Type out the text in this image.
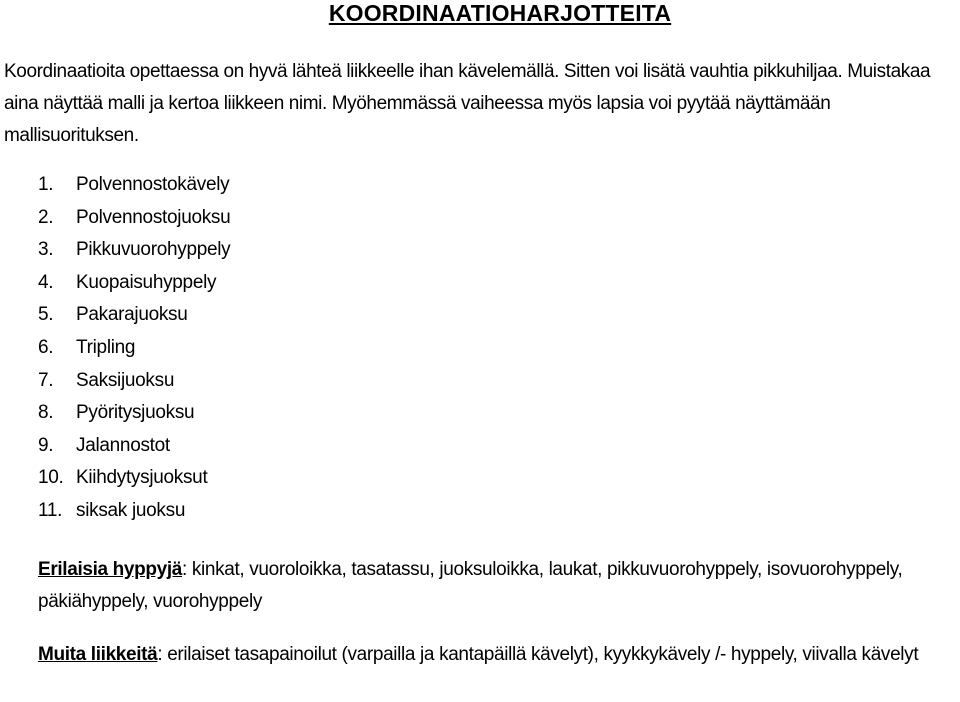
KOORDINAATIOHARJOTTEITA

Koordinaatioita opettaessa on hyvä lähteä liikkeelle ihan kävelemällä. Sitten voi lisätä vauhtia pikkuhiljaa. Muistakaa aina näyttää malli ja kertoa liikkeen nimi. Myöhemmässä vaiheessa myös lapsia voi pyytää näyttämään mallisuorituksen.

1. Polvennostokävely
2. Polvennostojuoksu
3. Pikkuvuorohyppely
4. Kuopaisuhyppely
5. Pakarajuoksu
6. Tripling
7. Saksijuoksu
8. Pyöritysjuoksu
9. Jalannostot
10. Kiihdytysjuoksut
11. siksak juoksu

Erilaisia hyppyjä: kinkat, vuoroloikka, tasatassu, juoksuloikka, laukat, pikkuvuorohyppely, isovuorohyppely, päkiähyppely, vuorohyppely

Muita liikkeitä: erilaiset tasapainoilut (varpailla ja kantapäillä kävelyt), kyykkykävely /- hyppely, viivalla kävelyt
